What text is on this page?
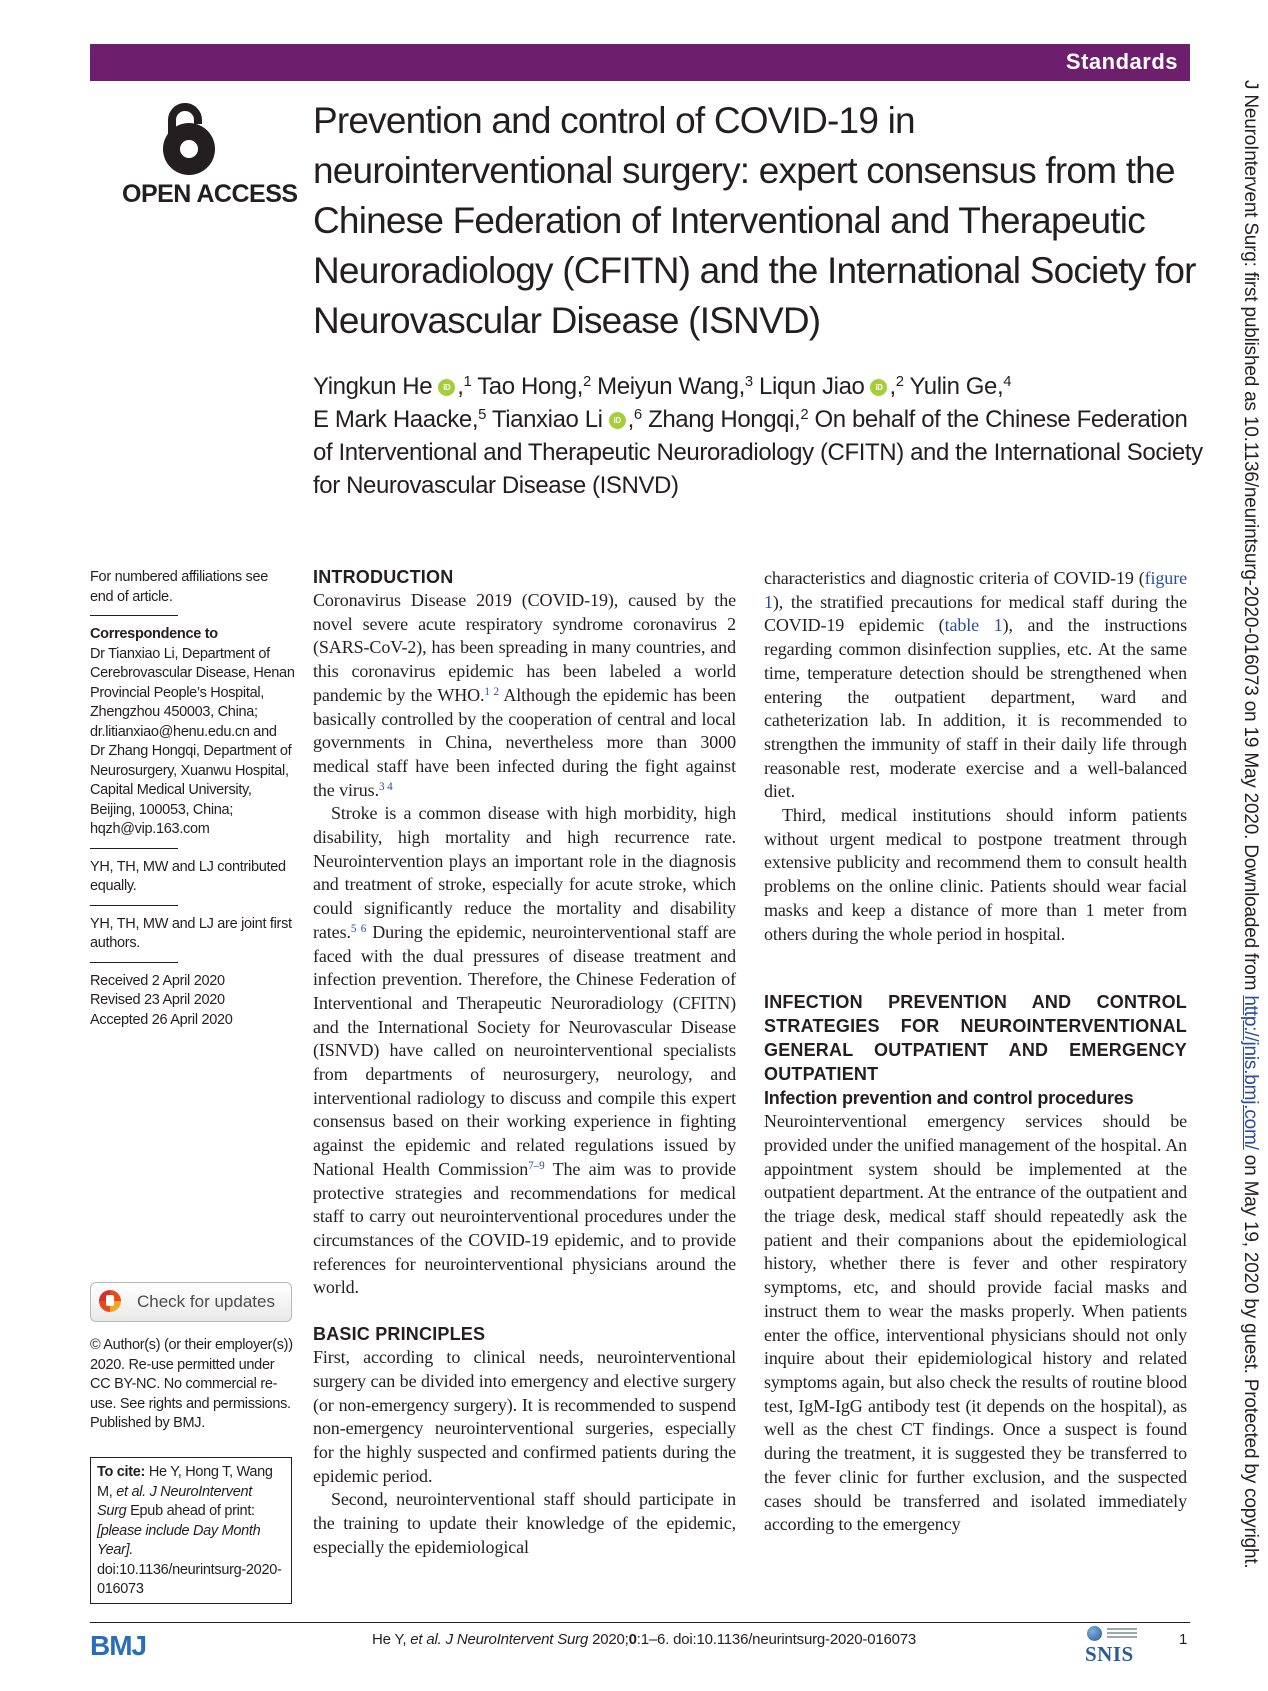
Standards
OPEN ACCESS
Prevention and control of COVID-19 in neurointerventional surgery: expert consensus from the Chinese Federation of Interventional and Therapeutic Neuroradiology (CFITN) and the International Society for Neurovascular Disease (ISNVD)
Yingkun He iD ,$^1$ Tao Hong,$^2$ Meiyun Wang,$^3$ Liqun Jiao iD ,$^2$ Yulin Ge,$^4$
E Mark Haacke,$^5$ Tianxiao Li iD ,$^6$ Zhang Hongqi,$^2$ On behalf of the Chinese Federation of Interventional and Therapeutic Neuroradiology (CFITN) and the International Society for Neurovascular Disease (ISNVD)
For numbered affiliations see end of article.
Correspondence to
Dr Tianxiao Li, Department of Cerebrovascular Disease, Henan Provincial People’s Hospital, Zhengzhou 450003, China; dr.litianxiao@henu.edu.cn and Dr Zhang Hongqi, Department of Neurosurgery, Xuanwu Hospital, Capital Medical University, Beijing, 100053, China; hqzh@vip.163.com
YH, TH, MW and LJ contributed equally.
YH, TH, MW and LJ are joint first authors.
Received 2 April 2020
Revised 23 April 2020
Accepted 26 April 2020
Check for updates
© Author(s) (or their employer(s)) 2020. Re-use permitted under CC BY-NC. No commercial re-use. See rights and permissions. Published by BMJ.
To cite: He Y, Hong T, Wang M, et al. J NeuroIntervent Surg Epub ahead of print: [please include Day Month Year]. doi:10.1136/neurintsurg-2020-016073
INTRODUCTION

Coronavirus Disease 2019 (COVID-19), caused by the novel severe acute respiratory syndrome coronavirus 2 (SARS-CoV-2), has been spreading in many countries, and this coronavirus epidemic has been labeled a world pandemic by the WHO.$^{1 2}$ Although the epidemic has been basically controlled by the cooperation of central and local governments in China, nevertheless more than 3000 medical staff have been infected during the fight against the virus.$^{3 4}$

Stroke is a common disease with high morbidity, high disability, high mortality and high recurrence rate. Neurointervention plays an important role in the diagnosis and treatment of stroke, especially for acute stroke, which could significantly reduce the mortality and disability rates.$^{5 6}$ During the epidemic, neurointerventional staff are faced with the dual pressures of disease treatment and infection prevention. Therefore, the Chinese Federation of Interventional and Therapeutic Neuroradiology (CFITN) and the International Society for Neurovascular Disease (ISNVD) have called on neurointerventional specialists from departments of neurosurgery, neurology, and interventional radiology to discuss and compile this expert consensus based on their working experience in fighting against the epidemic and related regulations issued by National Health Commission$^{7-9}$ The aim was to provide protective strategies and recommendations for medical staff to carry out neurointerventional procedures under the circumstances of the COVID-19 epidemic, and to provide references for neurointerventional physicians around the world.

BASIC PRINCIPLES

First, according to clinical needs, neurointerventional surgery can be divided into emergency and elective surgery (or non-emergency surgery). It is recommended to suspend non-emergency neurointerventional surgeries, especially for the highly suspected and confirmed patients during the epidemic period.

Second, neurointerventional staff should participate in the training to update their knowledge of the epidemic, especially the epidemiological

characteristics and diagnostic criteria of COVID-19 (figure 1), the stratified precautions for medical staff during the COVID-19 epidemic (table 1), and the instructions regarding common disinfection supplies, etc. At the same time, temperature detection should be strengthened when entering the outpatient department, ward and catheterization lab. In addition, it is recommended to strengthen the immunity of staff in their daily life through reasonable rest, moderate exercise and a well-balanced diet.

Third, medical institutions should inform patients without urgent medical to postpone treatment through extensive publicity and recommend them to consult health problems on the online clinic. Patients should wear facial masks and keep a distance of more than 1 meter from others during the whole period in hospital.

INFECTION PREVENTION AND CONTROL STRATEGIES FOR NEUROINTERVENTIONAL GENERAL OUTPATIENT AND EMERGENCY OUTPATIENT
Infection prevention and control procedures

Neurointerventional emergency services should be provided under the unified management of the hospital. An appointment system should be implemented at the outpatient department. At the entrance of the outpatient and the triage desk, medical staff should repeatedly ask the patient and their companions about the epidemiological history, whether there is fever and other respiratory symptoms, etc, and should provide facial masks and instruct them to wear the masks properly. When patients enter the office, interventional physicians should not only inquire about their epidemiological history and related symptoms again, but also check the results of routine blood test, IgM-IgG antibody test (it depends on the hospital), as well as the chest CT findings. Once a suspect is found during the treatment, it is suggested they be transferred to the fever clinic for further exclusion, and the suspected cases should be transferred and isolated immediately according to the emergency

J NeuroIntervent Surg: first published as 10.1136/neurintsurg-2020-016073 on 19 May 2020. Downloaded from http://jnis.bmj.com/ on May 19, 2020 by guest. Protected by copyright.
BMJ	He Y, et al. J NeuroIntervent Surg 2020;0:1–6. doi:10.1136/neurintsurg-2020-016073
SNIS
1
